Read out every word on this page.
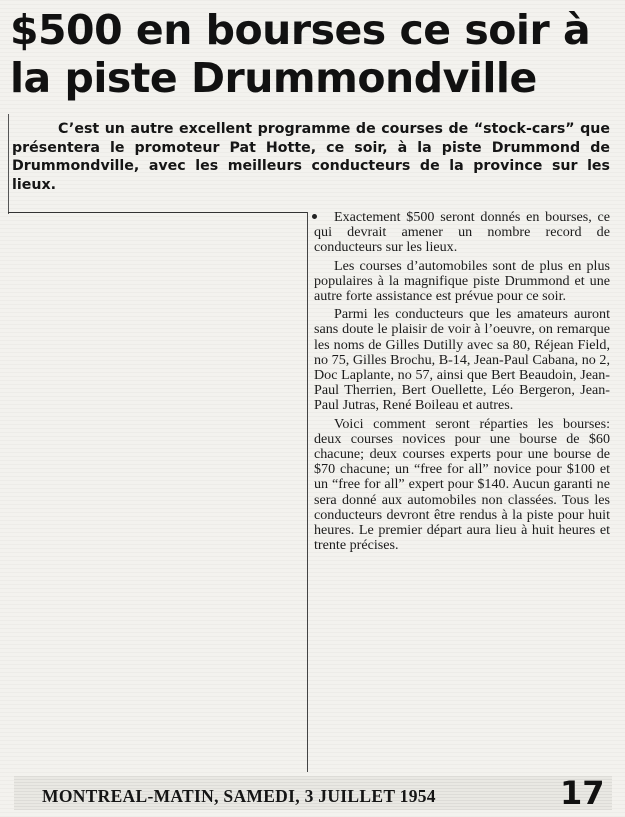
$500 en bourses ce soir à la piste Drummondville

C’est un autre excellent programme de courses de “stock-cars” que présentera le promoteur Pat Hotte, ce soir, à la piste Drummond de Drummondville, avec les meilleurs conducteurs de la province sur les lieux.

Exactement $500 seront donnés en bourses, ce qui devrait amener un nombre record de conducteurs sur les lieux.

Les courses d’automobiles sont de plus en plus populaires à la magnifique piste Drummond et une autre forte assistance est prévue pour ce soir.

Parmi les conducteurs que les amateurs auront sans doute le plaisir de voir à l’oeuvre, on remarque les noms de Gilles Dutilly avec sa 80, Réjean Field, no 75, Gilles Brochu, B-14, Jean-Paul Cabana, no 2, Doc Laplante, no 57, ainsi que Bert Beaudoin, Jean-Paul Therrien, Bert Ouellette, Léo Bergeron, Jean-Paul Jutras, René Boileau et autres.

Voici comment seront réparties les bourses: deux courses novices pour une bourse de $60 chacune; deux courses experts pour une bourse de $70 chacune; un “free for all” novice pour $100 et un “free for all” expert pour $140. Aucun garanti ne sera donné aux automobiles non classées. Tous les conducteurs devront être rendus à la piste pour huit heures. Le premier départ aura lieu à huit heures et trente précises.

MONTREAL-MATIN, SAMEDI, 3 JUILLET 1954	17
